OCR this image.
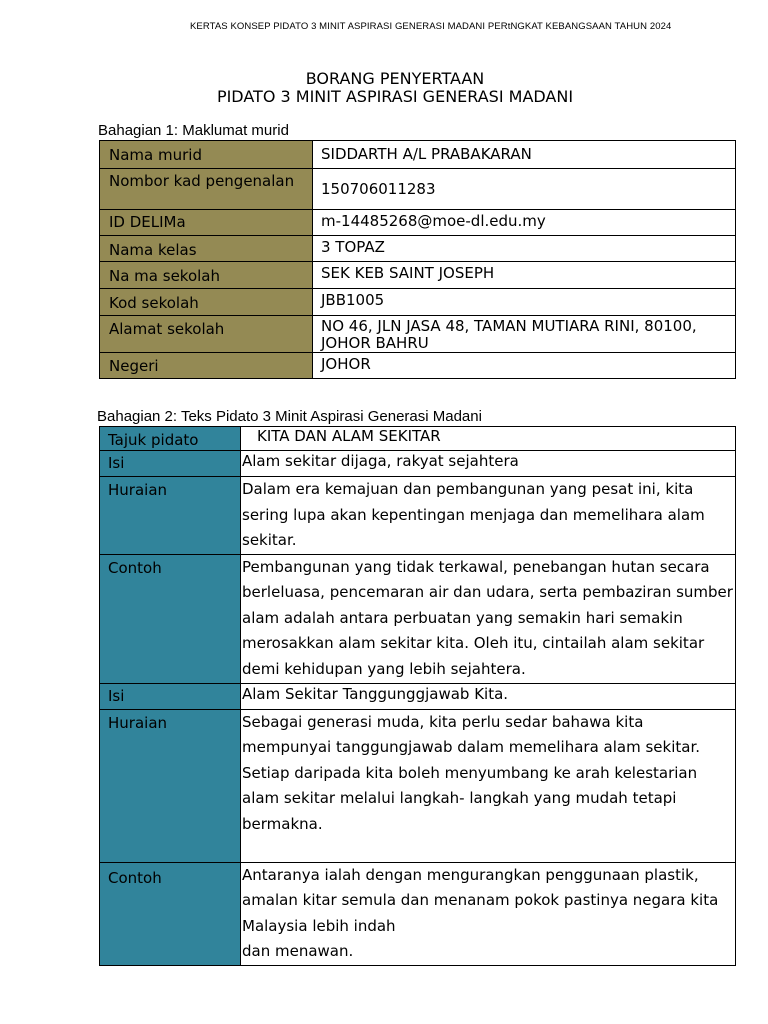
KERTAS KONSEP PIDATO 3 MINIT ASPIRASI GENERASI MADANI PERtNGKAT KEBANGSAAN TAHUN 2024
BORANG PENYERTAAN
PIDATO 3 MINIT ASPIRASI GENERASI MADANI
Bahagian 1: Maklumat murid
Nama murid	SIDDARTH A/L PRABAKARAN
Nombor kad pengenalan	150706011283
ID DELIMa	m-14485268@moe-dl.edu.my
Nama kelas	3 TOPAZ
Na ma sekolah	SEK KEB SAINT JOSEPH
Kod sekolah	JBB1005
Alamat sekolah	NO 46, JLN JASA 48, TAMAN MUTIARA RINI, 80100, JOHOR BAHRU
Negeri	JOHOR
Bahagian 2: Teks Pidato 3 Minit Aspirasi Generasi Madani
Tajuk pidato	KITA DAN ALAM SEKITAR
Isi	Alam sekitar dijaga, rakyat sejahtera
Huraian	Dalam era kemajuan dan pembangunan yang pesat ini, kita sering lupa akan kepentingan menjaga dan memelihara alam sekitar.
Contoh	Pembangunan yang tidak terkawal, penebangan hutan secara berleluasa, pencemaran air dan udara, serta pembaziran sumber alam adalah antara perbuatan yang semakin hari semakin merosakkan alam sekitar kita. Oleh itu, cintailah alam sekitar demi kehidupan yang lebih sejahtera.
Isi	Alam Sekitar Tanggunggjawab Kita.
Huraian	Sebagai generasi muda, kita perlu sedar bahawa kita mempunyai tanggungjawab dalam memelihara alam sekitar. Setiap daripada kita boleh menyumbang ke arah kelestarian alam sekitar melalui langkah- langkah yang mudah tetapi bermakna.
Contoh	Antaranya ialah dengan mengurangkan penggunaan plastik, amalan kitar semula dan menanam pokok pastinya negara kita Malaysia lebih indah
dan menawan.
